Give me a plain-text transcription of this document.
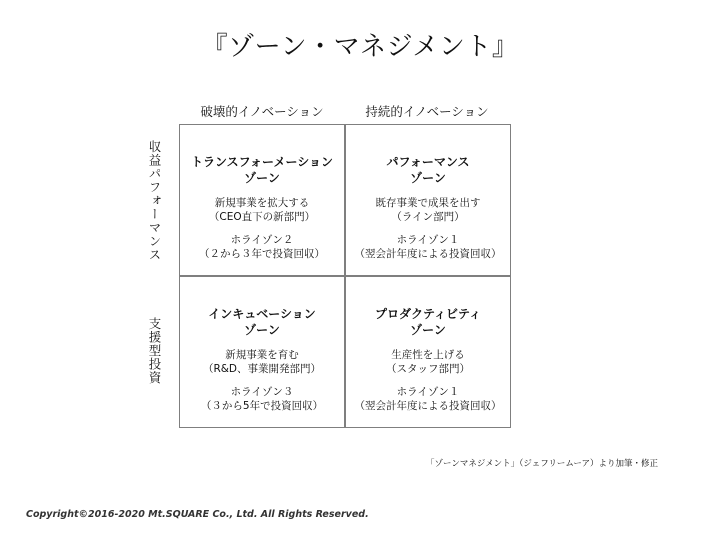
『ゾーン・マネジメント』
破壊的イノベーション	持続的イノベーション
収益パフォーマンス
支援型投資
トランスフォーメーション
ゾーン
新規事業を拡大する
（CEO直下の新部門）
ホライゾン２
（２から３年で投資回収）
パフォーマンス
ゾーン
既存事業で成果を出す
（ライン部門）
ホライゾン１
（翌会計年度による投資回収）
インキュベーション
ゾーン
新規事業を育む
（R&D、事業開発部門）
ホライゾン３
（３から5年で投資回収）
プロダクティビティ
ゾーン
生産性を上げる
（スタッフ部門）
ホライゾン１
（翌会計年度による投資回収）
「ゾーンマネジメント」（ジェフリームーア）より加筆・修正
Copyright©2016-2020 Mt.SQUARE Co., Ltd. All Rights Reserved.
